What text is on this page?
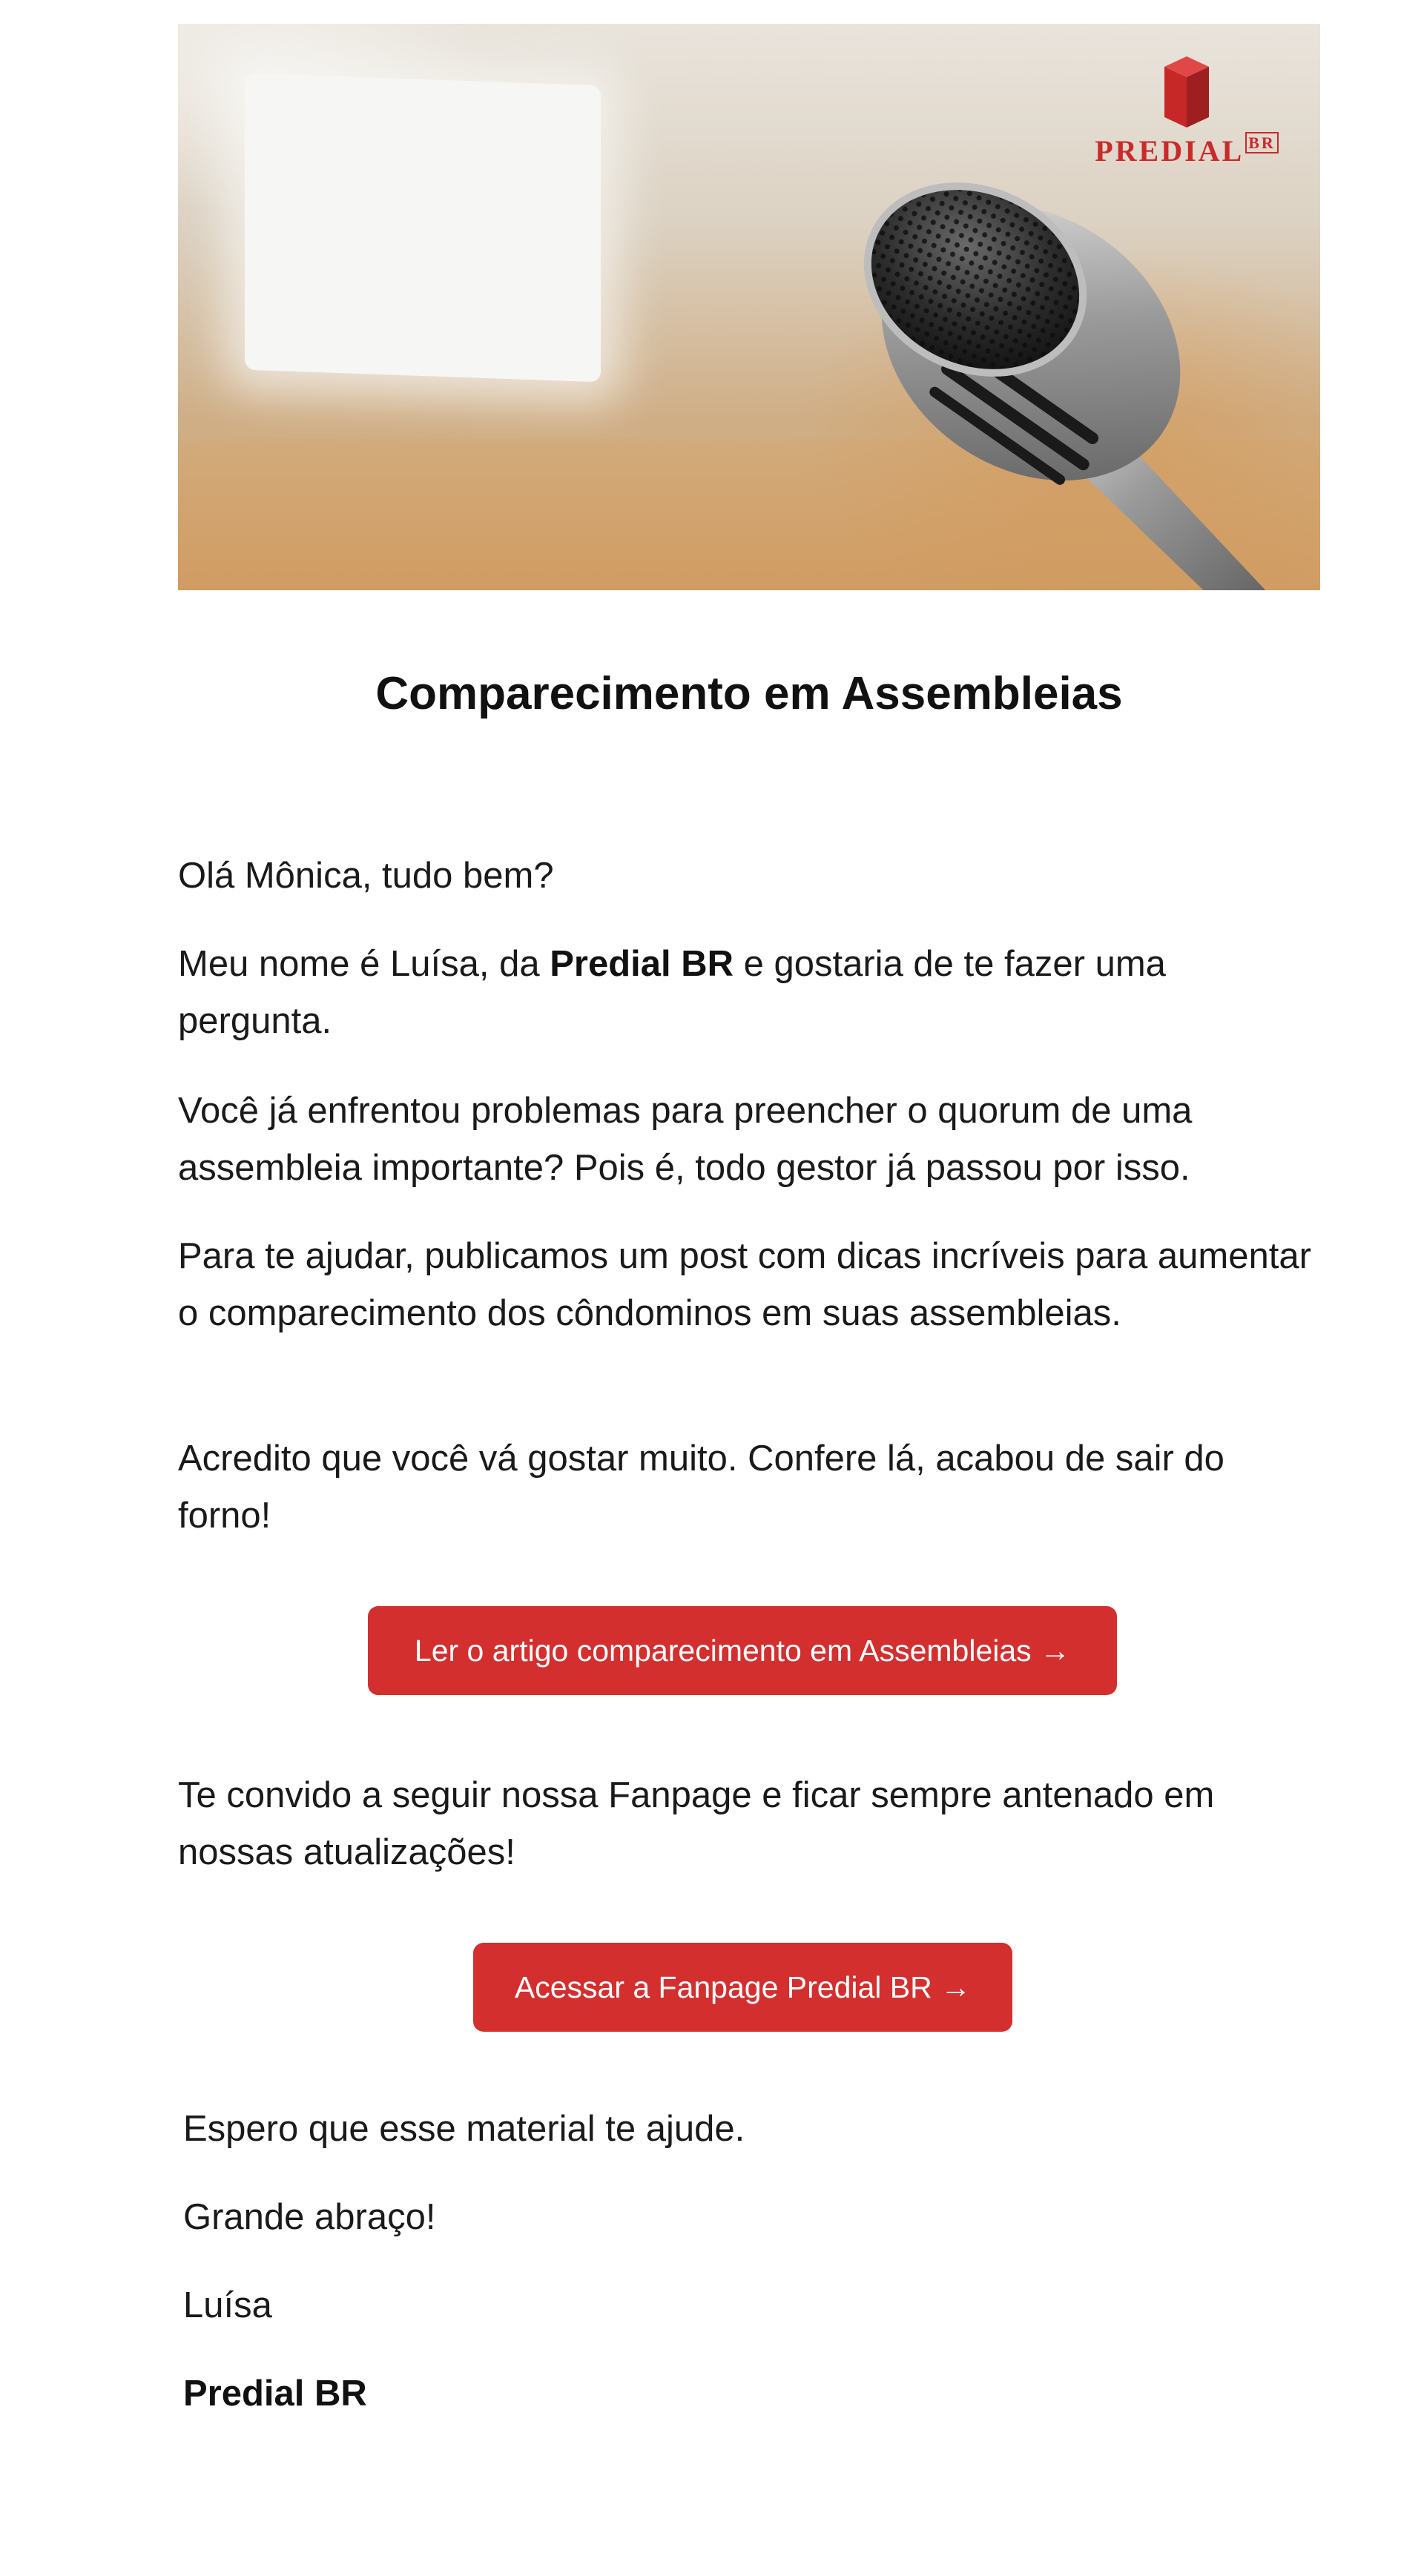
PREDIAL $^{BR}$
Comparecimento em Assembleias
Olá Mônica, tudo bem?
Meu nome é Luísa, da Predial BR e gostaria de te fazer uma pergunta.
Você já enfrentou problemas para preencher o quorum de uma assembleia importante? Pois é, todo gestor já passou por isso.
Para te ajudar, publicamos um post com dicas incríveis para aumentar o comparecimento dos côndominos em suas assembleias.
Acredito que você vá gostar muito. Confere lá, acabou de sair do forno!
Ler o artigo comparecimento em Assembleias →
Te convido a seguir nossa Fanpage e ficar sempre antenado em nossas atualizações!
Acessar a Fanpage Predial BR →
Espero que esse material te ajude.
Grande abraço!
Luísa
Predial BR
